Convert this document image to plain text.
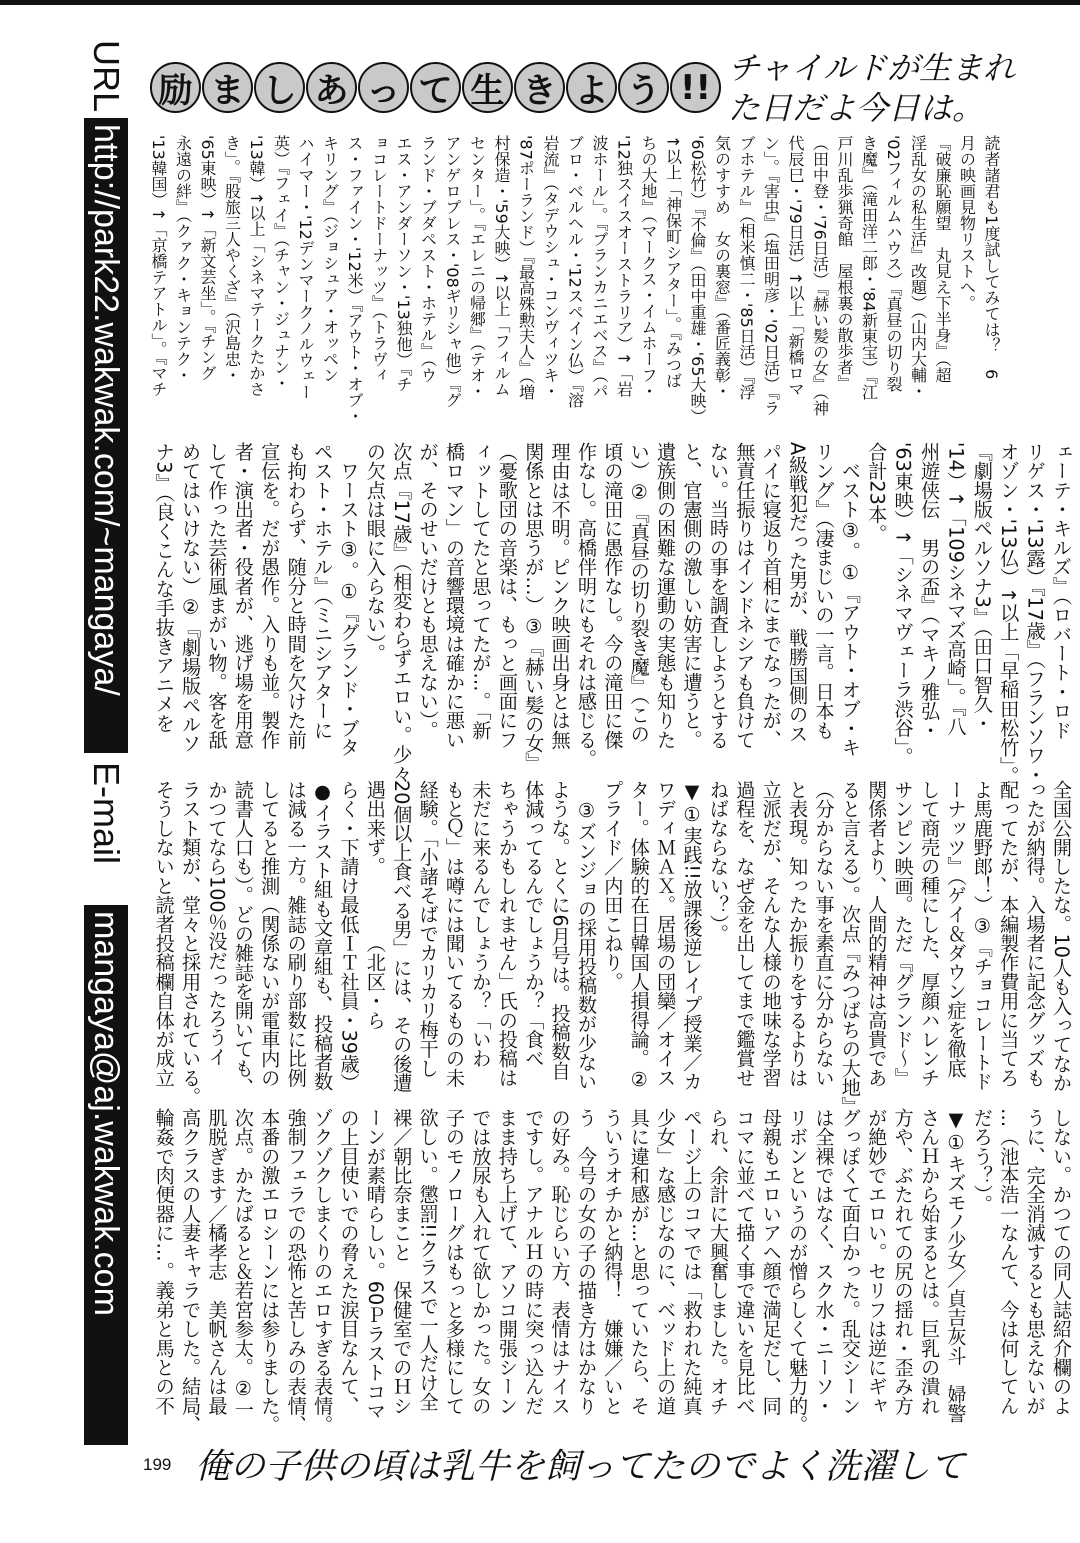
URL
http://park22.wakwak.com/~mangaya/
E-mail
mangaya@aj.wakwak.com
励 ま し あ っ て 生 き よ う !! チャイルドが生まれた日だよ今日は。
読者諸君も1度試してみては？　6
月の映画見物リストへ。
『破廉恥願望　丸見え下半身』（超
淫乱女の私生活』改題）（山内大輔・
'02フィルムハウス）『真昼の切り裂
き魔』（滝田洋二郎・'84新東宝）『江
戸川乱歩猟奇館　屋根裏の散歩者』
（田中登・'76日活）『赫い髪の女』（神
代辰巳・'79日活）↑以上「新橋ロマ
ン」。『害虫』（塩田明彦・'02日活）『ラ
ブホテル』（相米慎二・'85日活）『浮
気のすすめ　女の裏窓』（番匠義彰・
'60松竹）『不倫』（田中重雄・'65大映）
↑以上「神保町シアター」。『みつば
ちの大地』（マークス・イムホーフ・
'12独スイスオーストラリア）↑「岩
波ホール」。『ブランカニエベス』（パ
ブロ・ベルヘル・'12スペイン仏）『溶
岩流』（タデウシュ・コンヴィツキ・
'87ポーランド）『最高殊勲夫人』（増
村保造・'59大映）↑以上「フィルム
センター」。『エレニの帰郷』（テオ・
アンゲロプレス・'08ギリシャ他）『グ
ランド・ブダペスト・ホテル』（ウ
エス・アンダーソン・'13独他）『チ
ョコレートドーナッツ』（トラヴィ
ス・ファイン・'12米）『アウト・オブ・
キリング』（ジョシュア・オッペン
ハイマー・'12デンマークノルウェー
英）『フェイ』（チャン・ジュナン・
'13韓）↑以上「シネマテークたかさ
き」。『股旅三人やくざ』（沢島忠・
'65東映）↑「新文芸坐」。『チング
永遠の絆』（クァク・キョンテク・
'13韓国）↑「京橋テアトル」。『マチ
ェーテ・キルズ』（ロバート・ロド
リゲス・'13露）『17歳』（フランソワ・
オゾン・'13仏）↑以上「早稲田松竹」。
『劇場版ペルソナ3』（田口智久・
'14）↑「109シネマズ高崎」。『八
州遊侠伝　男の盃』（マキノ雅弘・
'63東映）↑「シネマヴェーラ渋谷」。
合計23本。
　ベスト③。①『アウト・オブ・キ
リング』（凄まじいの一言。日本も
A級戦犯だった男が、戦勝国側のス
パイに寝返り首相にまでなったが、
無責任振りはインドネシアも負けて
ない。当時の事を調査しようとする
と、官憲側の激しい妨害に遭うと。
遺族側の困難な運動の実態も知りた
い）②『真昼の切り裂き魔』（この
頃の滝田に愚作なし。今の滝田に傑
作なし。高橋伴明にもそれは感じる。
理由は不明。ピンク映画出身とは無
関係とは思うが…）③『赫い髪の女』
（憂歌団の音楽は、もっと画面にフ
ィットしてたと思ってたが…。「新
橋ロマン」の音響環境は確かに悪い
が、そのせいだけとも思えない）。
次点『17歳』（相変わらずエロい。少々
の欠点は眼に入らない）。
　ワースト③。①『グランド・ブタ
ペスト・ホテル』（ミニシアターに
も拘わらず、随分と時間を欠けた前
宣伝を。だが愚作。入りも並。製作
者・演出者・役者が、逃げ場を用意
して作った芸術風まがい物。客を舐
めてはいけない）②『劇場版ペルソ
ナ3』（良くこんな手抜きアニメを
全国公開したな。10人も入ってなか
ったが納得。入場者に記念グッズも
配ってたが、本編製作費用に当てろ
よ馬鹿野郎！）③『チョコレートド
ーナッツ』（ゲイ＆ダウン症を徹底
して商売の種にした、厚顔ハレンチ
サンピン映画。ただ『グランド〜』
関係者より、人間的精神は高貴であ
ると言える）。次点『みつばちの大地』
（分からない事を素直に分からない
と表現。知ったか振りをするよりは
立派だが、そんな人様の地味な学習
過程を、なぜ金を出してまで鑑賞せ
ねばならない？）。
▼①実践!!放課後逆レイプ授業／カ
ワディＭＡＸ。居場の団欒／オイス
ター。体験的在日韓国人損得論。②
プライド／内田こねり。
　③ズンジョの採用投稿数が少ない
ような。とくに6月号は。投稿数自
体減ってるんでしょうか？「食べ
ちゃうかもしれません」氏の投稿は
未だに来るんでしょうか？「いわ
もとＱ」は噂には聞いてるものの未
経験。「小諸そばでカリカリ梅干し
20個以上食べる男」には、その後遭
遇出来ず。　　　　（北区・ら
らく・下請け最低ＩＴ社員・39歳）
●イラスト組も文章組も、投稿者数
は減る一方。雑誌の刷り部数に比例
してると推測（関係ないが電車内の
読書人口も）。どの雑誌を開いても、
かつてなら100％没だったろうイ
ラスト類が、堂々と採用されている。
そうしないと読者投稿欄自体が成立
しない。かつての同人誌紹介欄のよ
うに、完全消滅するとも思えないが
…（池本浩一なんて、今は何してん
だろう？）。
▼①キズモノ少女／貞吉灰斗　婦警
さんＨから始まるとは。巨乳の潰れ
方や、ぶたれての尻の揺れ・歪み方
が絶妙でエロい。セリフは逆にギャ
グっぽくて面白かった。乱交シーン
は全裸ではなく、スク水・ニーソ・
リボンというのが憎らしくて魅力的。
母親もエロいアヘ顔で満足だし、同
コマに並べて描く事で違いを見比べ
られ、余計に大興奮しました。オチ
ページ上のコマでは「救われた純真
少女」な感じなのに、ベッド上の道
具に違和感が…と思っていたら、そ
ういうオチかと納得！　嫌嫌／いと
う　今号の女の子の描き方はかなり
の好み。恥じらい方、表情はナイス
ですし。アナルＨの時に突っ込んだ
まま持ち上げて、アソコ開張シーン
では放尿も入れて欲しかった。女の
子のモノローグはもっと多様にして
欲しい。懲罰!!クラスで一人だけ全
裸／朝比奈まこと　保健室でのＨシ
ーンが素晴らしい。60Ｐラストコマ
の上目使いでの脅えた涙目なんて、
ゾクゾクしまくりのエロすぎる表情。
強制フェラでの恐怖と苦しみの表情、
本番の激エロシーンには参りました。
次点。かたばると＆若宮参太。②一
肌脱ぎます／橘孝志　美帆さんは最
高クラスの人妻キャラでした。結局、
輪姦で肉便器に…。義弟と馬との不
199 俺の子供の頃は乳牛を飼ってたのでよく洗濯して
